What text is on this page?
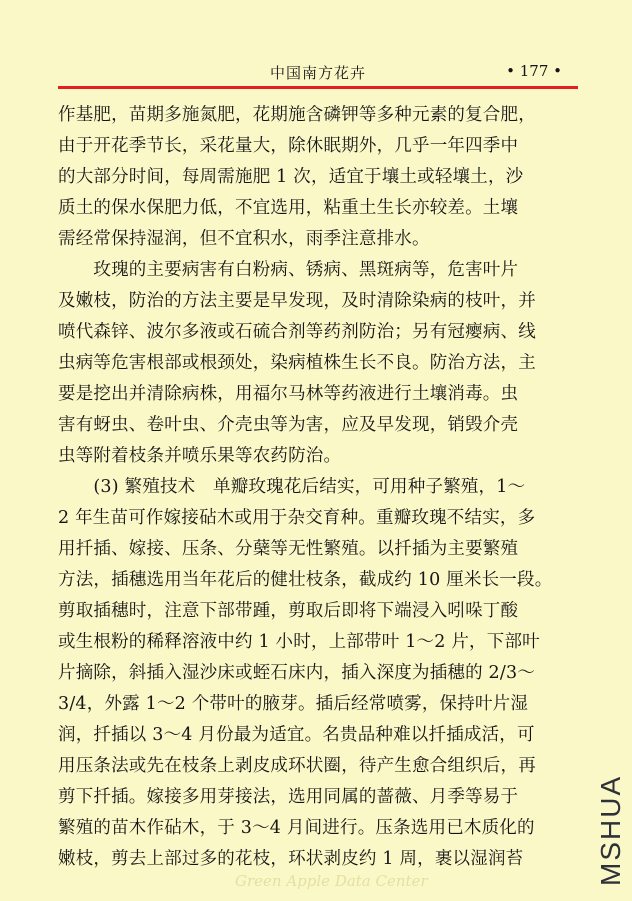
中国南方花卉	• 177 •
作基肥，苗期多施氮肥，花期施含磷钾等多种元素的复合肥，
由于开花季节长，采花量大，除休眠期外，几乎一年四季中
的大部分时间，每周需施肥 1 次，适宜于壤土或轻壤土，沙
质土的保水保肥力低，不宜选用，粘重土生长亦较差。土壤
需经常保持湿润，但不宜积水，雨季注意排水。
　　玫瑰的主要病害有白粉病、锈病、黑斑病等，危害叶片
及嫩枝，防治的方法主要是早发现，及时清除染病的枝叶，并
喷代森锌、波尔多液或石硫合剂等药剂防治；另有冠瘿病、线
虫病等危害根部或根颈处，染病植株生长不良。防治方法，主
要是挖出并清除病株，用福尔马林等药液进行土壤消毒。虫
害有蚜虫、卷叶虫、介壳虫等为害，应及早发现，销毁介壳
虫等附着枝条并喷乐果等农药防治。
　　(3) 繁殖技术　单瓣玫瑰花后结实，可用种子繁殖，1～
2 年生苗可作嫁接砧木或用于杂交育种。重瓣玫瑰不结实，多
用扦插、嫁接、压条、分蘖等无性繁殖。以扦插为主要繁殖
方法，插穗选用当年花后的健壮枝条，截成约 10 厘米长一段。
剪取插穗时，注意下部带踵，剪取后即将下端浸入吲哚丁酸
或生根粉的稀释溶液中约 1 小时，上部带叶 1～2 片，下部叶
片摘除，斜插入湿沙床或蛭石床内，插入深度为插穗的 2/3～
3/4，外露 1～2 个带叶的腋芽。插后经常喷雾，保持叶片湿
润，扦插以 3～4 月份最为适宜。名贵品种难以扦插成活，可
用压条法或先在枝条上剥皮成环状圈，待产生愈合组织后，再
剪下扦插。嫁接多用芽接法，选用同属的蔷薇、月季等易于
繁殖的苗木作砧木，于 3～4 月间进行。压条选用已木质化的
嫩枝，剪去上部过多的花枝，环状剥皮约 1 周，裹以湿润苔
Green Apple Data Center	MSHUA
